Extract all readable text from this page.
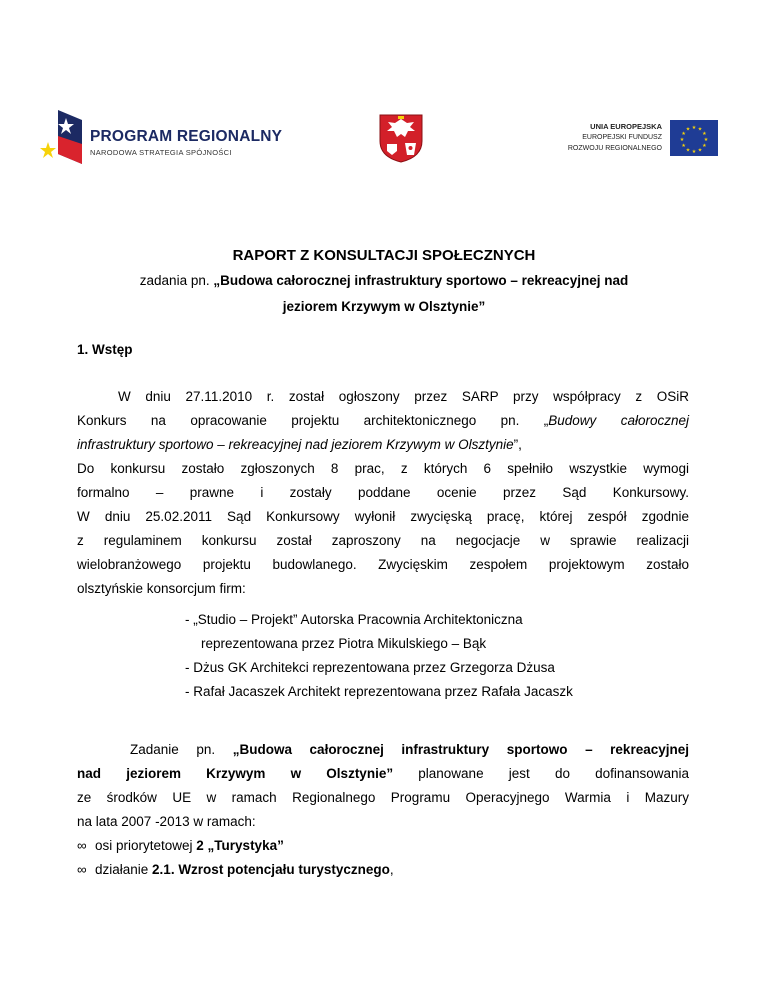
PROGRAM REGIONALNY
NARODOWA STRATEGIA SPÓJNOŚCI
UNIA EUROPEJSKA
EUROPEJSKI FUNDUSZ
ROZWOJU REGIONALNEGO
★ ★
★
★
★
★
★
★
★
★
★
★
RAPORT Z KONSULTACJI SPOŁECZNYCH

zadania pn. „Budowa całorocznej infrastruktury sportowo – rekreacyjnej nad
jeziorem Krzywym w Olsztynie”

1. Wstęp
W dniu 27.11.2010 r. został ogłoszony przez SARP przy współpracy z OSiR
Konkurs na opracowanie projektu architektonicznego pn. „Budowy całorocznej
infrastruktury sportowo – rekreacyjnej nad jeziorem Krzywym w Olsztynie”,
Do konkursu zostało zgłoszonych 8 prac, z których 6 spełniło wszystkie wymogi
formalno – prawne i zostały poddane ocenie przez Sąd Konkursowy.
W dniu 25.02.2011 Sąd Konkursowy wyłonił zwycięską pracę, której zespół zgodnie
z regulaminem konkursu został zaproszony na negocjacje w sprawie realizacji
wielobranżowego projektu budowlanego. Zwycięskim zespołem projektowym zostało
olsztyńskie konsorcjum firm:

- „Studio – Projekt” Autorska Pracownia Architektoniczna

reprezentowana przez Piotra Mikulskiego – Bąk

- Dżus GK Architekci reprezentowana przez Grzegorza Dżusa

- Rafał Jacaszek Architekt reprezentowana przez Rafała Jacaszk

Zadanie pn. „Budowa całorocznej infrastruktury sportowo – rekreacyjnej
nad jeziorem Krzywym w Olsztynie” planowane jest do dofinansowania
ze środków UE w ramach Regionalnego Programu Operacyjnego Warmia i Mazury
na lata 2007 -2013 w ramach:

∞ osi priorytetowej 2 „Turystyka”

∞ działanie 2.1. Wzrost potencjału turystycznego,
